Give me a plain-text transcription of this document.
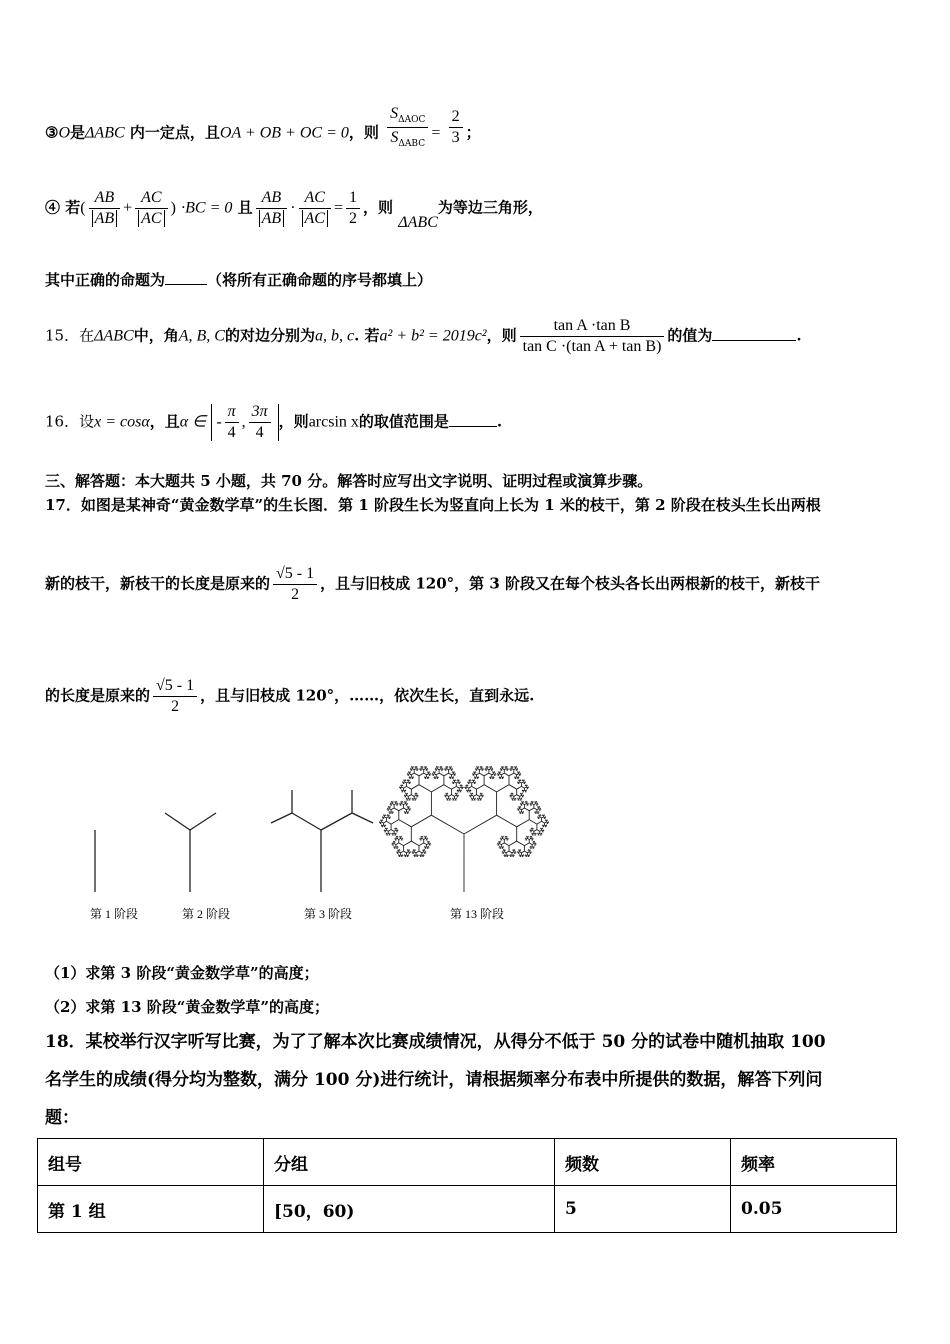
③O是ΔABC 内一定点，且OA + OB + OC = 0，则 $\frac{S_{\Delta AOC}}{S_{\Delta ABC}} = \frac{2}{3}$ ；
④ 若( $\frac{AB}{AB} + \frac{AC}{AC}$ ) ·BC = 0 且 $\frac{AB}{AB} \cdot \frac{AC}{AC} = \frac{1}{2}$ ，则 ΔABC为等边三角形，
其中正确的命题为	（将所有正确命题的序号都填上）
15．在ΔABC中，角A, B, C的对边分别为a, b, c. 若a² + b² = 2019c²，则 $\frac{\text{tan A ·tan B}}{\text{tan C ·(tan A + tan B)}}$ 的值为	.
16．设x = cosα，且α ∈ - $\frac{\pi}{4}$ , $\frac{3\pi}{4}$ ，则arcsin x的取值范围是	.
三、解答题：本大题共 5 小题，共 70 分。解答时应写出文字说明、证明过程或演算步骤。
17．如图是某神奇“黄金数学草”的生长图．第 1 阶段生长为竖直向上长为 1 米的枝干，第 2 阶段在枝头生长出两根
新的枝干，新枝干的长度是原来的 $\frac{√5 - 1}{2}$ ，且与旧枝成 120°，第 3 阶段又在每个枝头各长出两根新的枝干，新枝干
的长度是原来的 $\frac{√5 - 1}{2}$ ，且与旧枝成 120°，……，依次生长，直到永远.
第 1 阶段	第 2 阶段	第 3 阶段	第 13 阶段
（1）求第 3 阶段“黄金数学草”的高度；
（2）求第 13 阶段“黄金数学草”的高度；
18．某校举行汉字听写比赛，为了了解本次比赛成绩情况，从得分不低于 50 分的试卷中随机抽取 100
名学生的成绩(得分均为整数，满分 100 分)进行统计，请根据频率分布表中所提供的数据，解答下列问
题：
组号	分组	频数	频率
第 1 组	[50，60)	5	0.05
